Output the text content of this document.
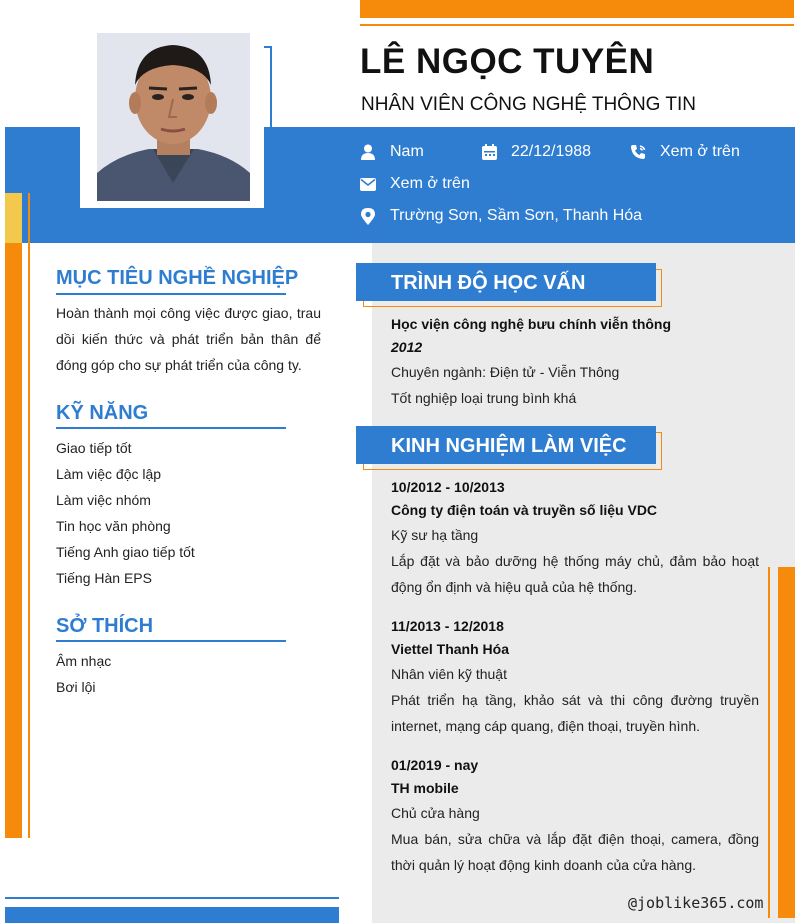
LÊ NGỌC TUYÊN
NHÂN VIÊN CÔNG NGHỆ THÔNG TIN
Nam	22/12/1988	Xem ở trên
Xem ở trên
Trường Sơn, Sầm Sơn, Thanh Hóa
MỤC TIÊU NGHỀ NGHIỆP
Hoàn thành mọi công việc được giao, trau dồi kiến thức và phát triển bản thân để đóng góp cho sự phát triển của công ty.
KỸ NĂNG
Giao tiếp tốt
Làm việc độc lập
Làm việc nhóm
Tin học văn phòng
Tiếng Anh giao tiếp tốt
Tiếng Hàn EPS
SỞ THÍCH
Âm nhạc
Bơi lội
TRÌNH ĐỘ HỌC VẤN
Học viện công nghệ bưu chính viễn thông
2012
Chuyên ngành: Điện tử - Viễn Thông
Tốt nghiệp loại trung bình khá
KINH NGHIỆM LÀM VIỆC
10/2012 - 10/2013
Công ty điện toán và truyền số liệu VDC
Kỹ sư hạ tầng
Lắp đặt và bảo dưỡng hệ thống máy chủ, đảm bảo hoạt động ổn định và hiệu quả của hệ thống.
11/2013 - 12/2018
Viettel Thanh Hóa
Nhân viên kỹ thuật
Phát triển hạ tầng, khảo sát và thi công đường truyền internet, mạng cáp quang, điện thoại, truyền hình.
01/2019 - nay
TH mobile
Chủ cửa hàng
Mua bán, sửa chữa và lắp đặt điện thoại, camera, đồng thời quản lý hoạt động kinh doanh của cửa hàng.
@joblike365.com
